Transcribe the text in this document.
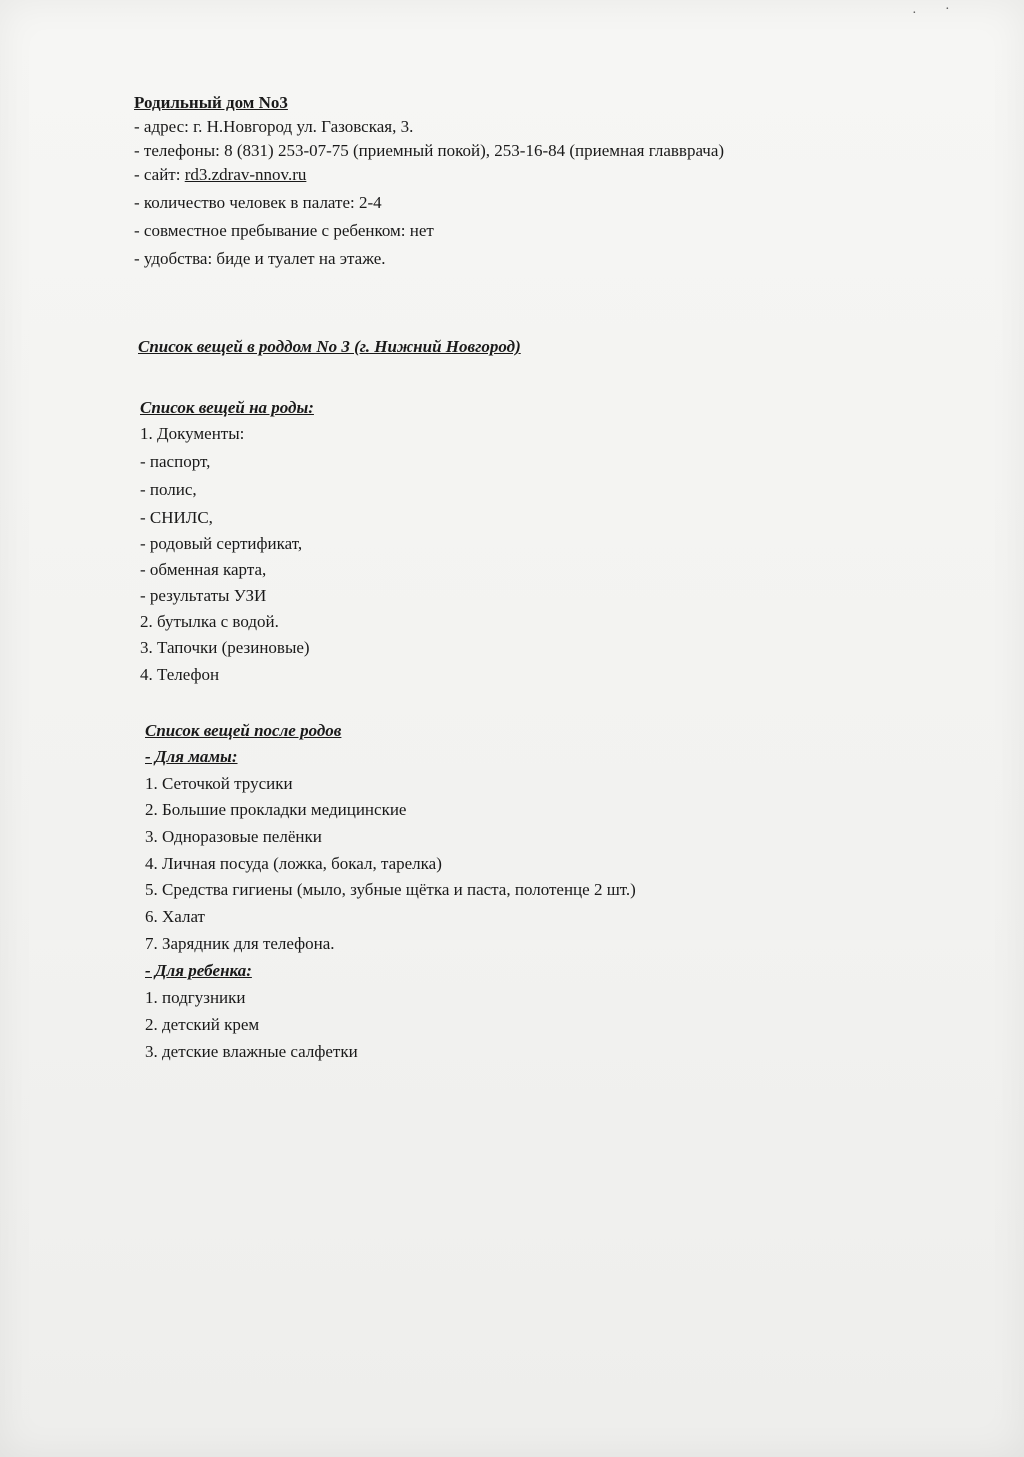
· ·
Родильный дом No3
- адрес: г. Н.Новгород ул. Газовская, 3.
- телефоны: 8 (831) 253-07-75 (приемный покой), 253-16-84 (приемная главврача)
- сайт: rd3.zdrav-nnov.ru
- количество человек в палате: 2-4
- совместное пребывание с ребенком: нет
- удобства: биде и туалет на этаже.
Список вещей в роддом No 3 (г. Нижний Новгород)
Список вещей на роды:
1. Документы:
- паспорт,
- полис,
- СНИЛС,
- родовый сертификат,
- обменная карта,
- результаты УЗИ
2. бутылка с водой.
3. Тапочки (резиновые)
4. Телефон
Список вещей после родов
- Для мамы:
1. Сеточкой трусики
2. Большие прокладки медицинские
3. Одноразовые пелёнки
4. Личная посуда (ложка, бокал, тарелка)
5. Средства гигиены (мыло, зубные щётка и паста, полотенце 2 шт.)
6. Халат
7. Зарядник для телефона.
- Для ребенка:
1. подгузники
2. детский крем
3. детские влажные салфетки
